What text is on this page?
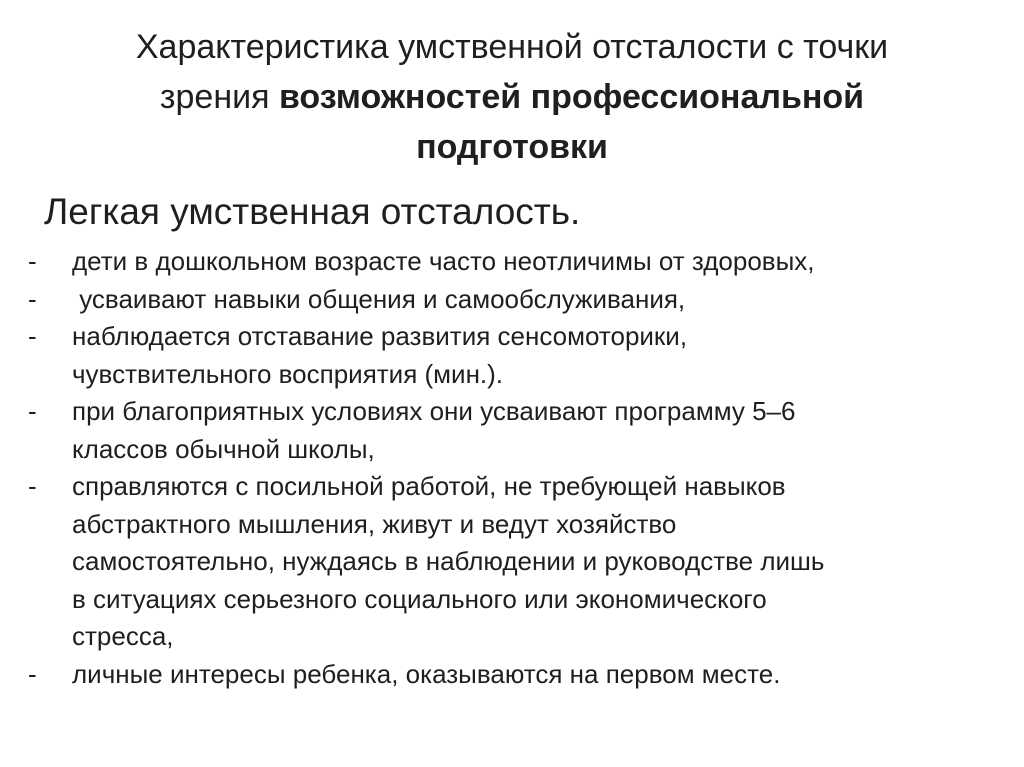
Характеристика умственной отсталости с точки
зрения возможностей профессиональной
подготовки
Легкая умственная отсталость.
-	дети в дошкольном возрасте часто неотличимы от здоровых,
-	усваивают навыки общения и самообслуживания,
-	наблюдается отставание развития сенсомоторики,
чувствительного восприятия (мин.).
-	при благоприятных условиях они усваивают программу 5–6
классов обычной школы,
-	справляются с посильной работой, не требующей навыков
абстрактного мышления, живут и ведут хозяйство
самостоятельно, нуждаясь в наблюдении и руководстве лишь
в ситуациях серьезного социального или экономического
стресса,
-	личные интересы ребенка, оказываются на первом месте.
